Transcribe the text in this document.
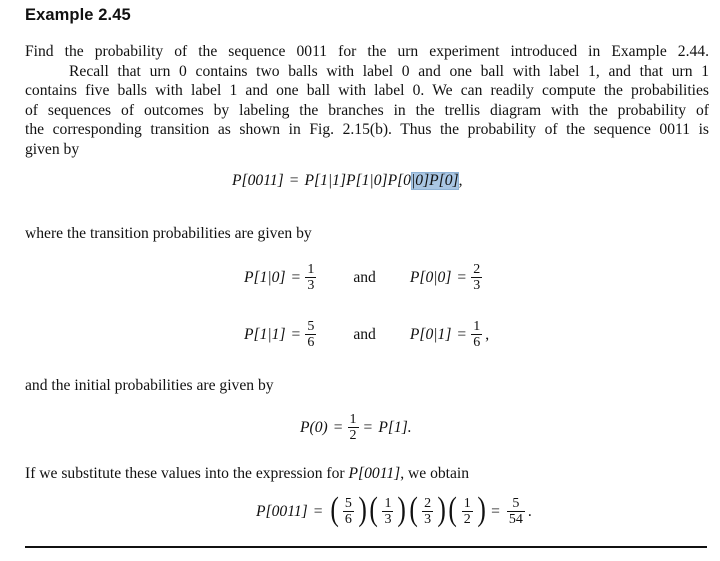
Example 2.45
Find the probability of the sequence 0011 for the urn experiment introduced in Example 2.44.
Recall that urn 0 contains two balls with label 0 and one ball with label 1, and that urn 1
contains five balls with label 1 and one ball with label 0. We can readily compute the probabilities
of sequences of outcomes by labeling the branches in the trellis diagram with the probability of
the corresponding transition as shown in Fig. 2.15(b). Thus the probability of the sequence 0011 is
given by
P[0011] = P[1|1]P[1|0]P[0 |0]P[0] ,
where the transition probabilities are given by
$P[1|0] = \frac{1}{3}$ and $P[0|0] = \frac{2}{3}$
$P[1|1] = \frac{5}{6}$ and $P[0|1] = \frac{1}{6}$ ,
and the initial probabilities are given by
$P(0) = \frac{1}{2} = P[1]$.
If we substitute these values into the expression for P[0011], we obtain
P[0011] = ( $\frac{5}{6}$ ) ( $\frac{1}{3}$ ) ( $\frac{2}{3}$ ) ( $\frac{1}{2}$ ) = $\frac{5}{54}$ .
